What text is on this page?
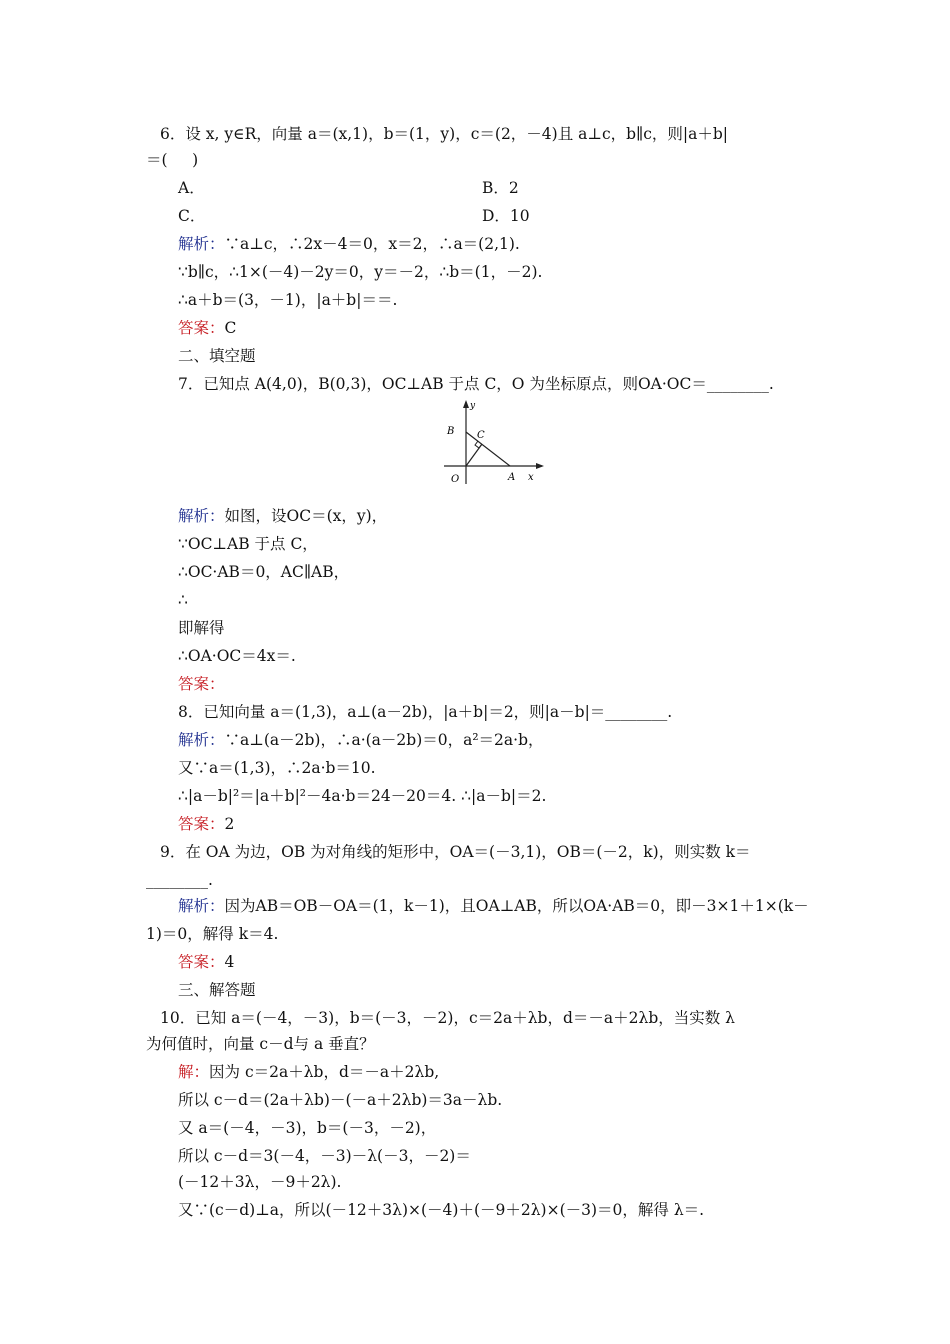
6．设 x, y∈R，向量 a＝(x,1)，b＝(1，y)，c＝(2，－4)且 a⊥c，b∥c，则|a＋b|
＝(     )
A．	B．2
C．	D．10
解析：∵a⊥c，∴2x－4＝0，x＝2，∴a＝(2,1).
∵b∥c，∴1×(－4)－2y＝0，y＝－2，∴b＝(1，－2).
∴a＋b＝(3，－1)，|a＋b|＝＝.
答案：C
二、填空题
7．已知点 A(4,0)，B(0,3)，OC⊥AB 于点 C，O 为坐标原点，则OA·OC＝________.
y
B C
O	A x
解析：如图，设OC＝(x，y)，
∵OC⊥AB 于点 C，
∴OC·AB＝0，AC∥AB，
∴
即解得
∴OA·OC＝4x＝.
答案：
8．已知向量 a＝(1,3)，a⊥(a－2b)，|a＋b|＝2，则|a－b|＝________.
解析：∵a⊥(a－2b)，∴a·(a－2b)＝0，a²＝2a·b，
又∵a＝(1,3)，∴2a·b＝10.
∴|a－b|²＝|a＋b|²－4a·b＝24－20＝4. ∴|a－b|＝2.
答案：2
9．在 OA 为边，OB 为对角线的矩形中，OA＝(－3,1)，OB＝(－2，k)，则实数 k＝
________.
解析：因为AB＝OB－OA＝(1，k－1)，且OA⊥AB，所以OA·AB＝0，即－3×1＋1×(k－
1)＝0，解得 k＝4.
答案：4
三、解答题
10．已知 a＝(－4，－3)，b＝(－3，－2)，c＝2a＋λb，d＝－a＋2λb，当实数 λ
为何值时，向量 c－d与 a 垂直？
解：因为 c＝2a＋λb，d＝－a＋2λb,
所以 c－d＝(2a＋λb)－(－a＋2λb)＝3a－λb.
又 a＝(－4，－3)，b＝(－3，－2)，
所以 c－d＝3(－4，－3)－λ(－3，－2)＝
(－12＋3λ，－9＋2λ).
又∵(c－d)⊥a，所以(－12＋3λ)×(－4)＋(－9＋2λ)×(－3)＝0，解得 λ＝.
